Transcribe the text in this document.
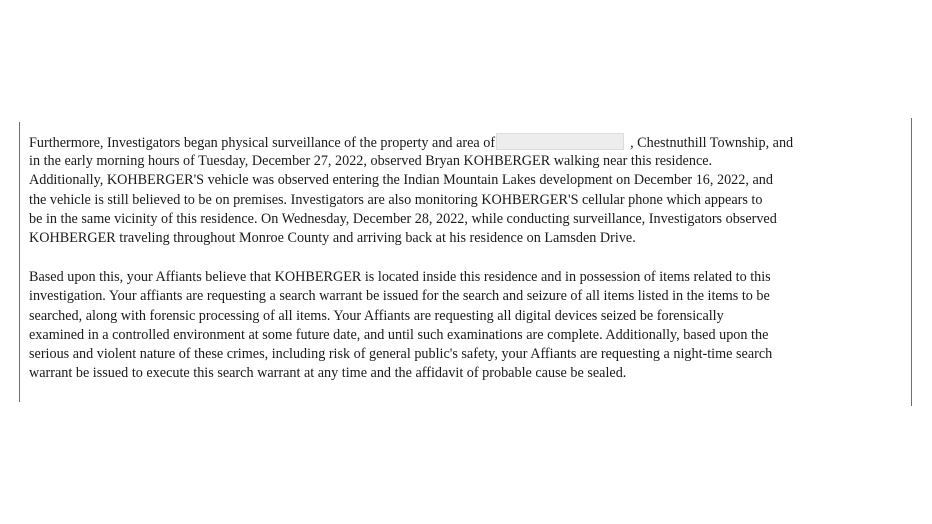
Furthermore, Investigators began physical surveillance of the property and area of	, Chestnuthill Township, and
in the early morning hours of Tuesday, December 27, 2022, observed Bryan KOHBERGER walking near this residence.
Additionally, KOHBERGER'S vehicle was observed entering the Indian Mountain Lakes development on December 16, 2022, and
the vehicle is still believed to be on premises. Investigators are also monitoring KOHBERGER'S cellular phone which appears to
be in the same vicinity of this residence. On Wednesday, December 28, 2022, while conducting surveillance, Investigators observed
KOHBERGER traveling throughout Monroe County and arriving back at his residence on Lamsden Drive.
Based upon this, your Affiants believe that KOHBERGER is located inside this residence and in possession of items related to this
investigation. Your affiants are requesting a search warrant be issued for the search and seizure of all items listed in the items to be
searched, along with forensic processing of all items. Your Affiants are requesting all digital devices seized be forensically
examined in a controlled environment at some future date, and until such examinations are complete. Additionally, based upon the
serious and violent nature of these crimes, including risk of general public's safety, your Affiants are requesting a night-time search
warrant be issued to execute this search warrant at any time and the affidavit of probable cause be sealed.
